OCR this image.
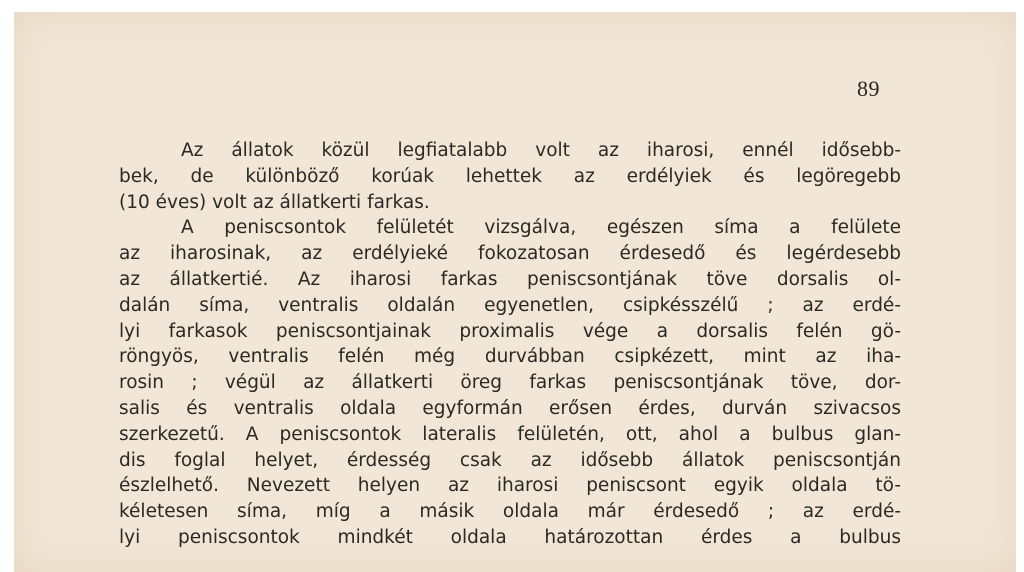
89
Az állatok közül legfiatalabb volt az iharosi, ennél idősebb-
bek, de különböző korúak lehettek az erdélyiek és legöregebb
(10 éves) volt az állatkerti farkas.
A peniscsontok felületét vizsgálva, egészen síma a felülete
az iharosinak, az erdélyieké fokozatosan érdesedő és legérdesebb
az állatkertié. Az iharosi farkas peniscsontjának töve dorsalis ol-
dalán síma, ventralis oldalán egyenetlen, csipkésszélű ; az erdé-
lyi farkasok peniscsontjainak proximalis vége a dorsalis felén gö-
röngyös, ventralis felén még durvábban csipkézett, mint az iha-
rosin ; végül az állatkerti öreg farkas peniscsontjának töve, dor-
salis és ventralis oldala egyformán erősen érdes, durván szivacsos
szerkezetű. A peniscsontok lateralis felületén, ott, ahol a bulbus glan-
dis foglal helyet, érdesség csak az idősebb állatok peniscsontján
észlelhető. Nevezett helyen az iharosi peniscsont egyik oldala tö-
kéletesen síma, míg a másik oldala már érdesedő ; az erdé-
lyi peniscsontok mindkét oldala határozottan érdes a bulbus
